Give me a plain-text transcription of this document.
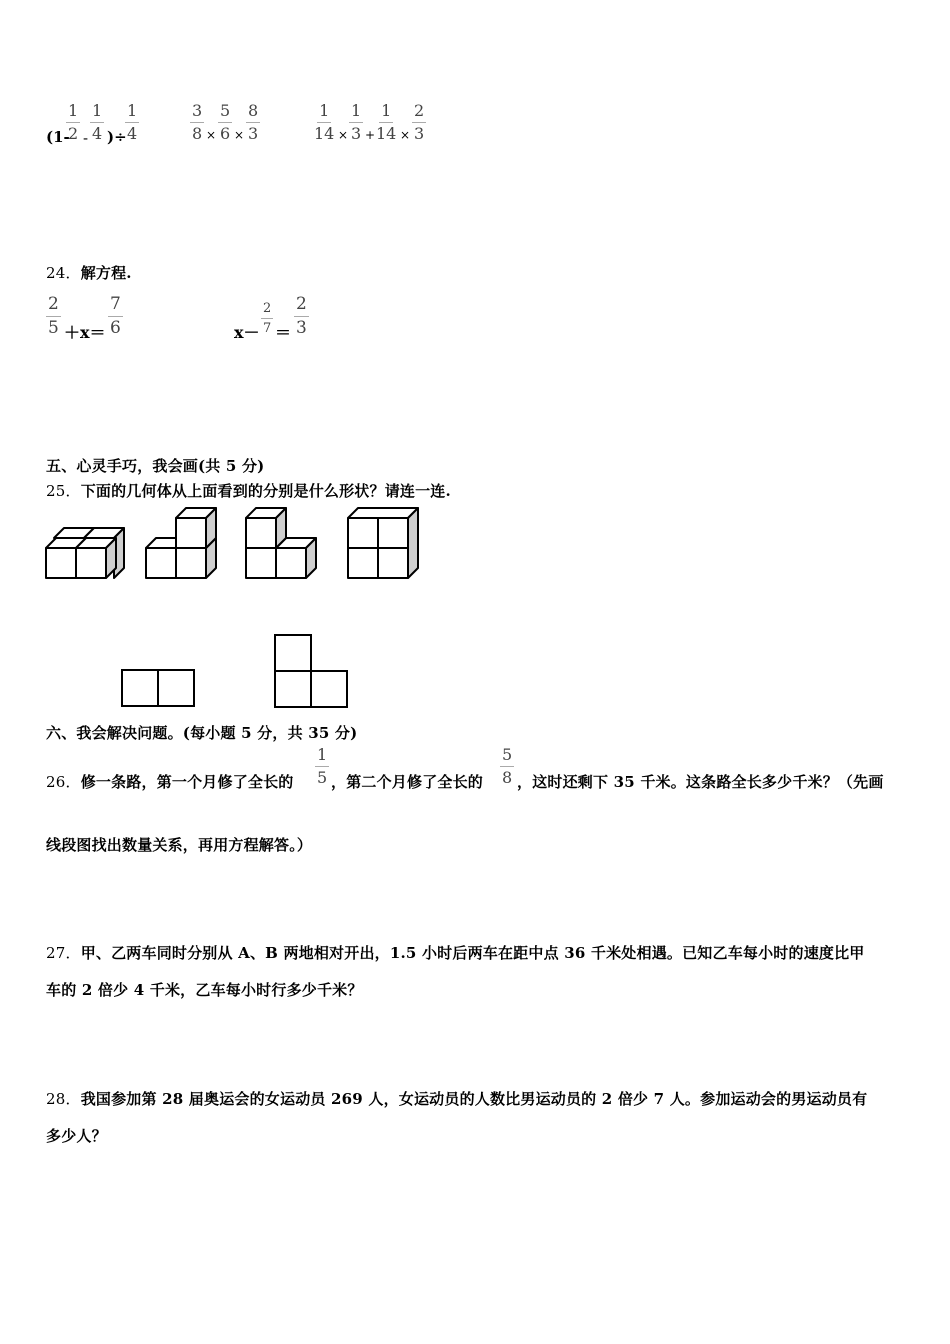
(1-
$\frac{1}{2} - \frac{1}{4}$ )÷
$\frac{1}{4}$	$\frac{3}{8} \times \frac{5}{6} \times \frac{8}{3}$	$\frac{1}{14} \times \frac{1}{3} + \frac{1}{14} \times \frac{2}{3}$
24．解方程.
$\frac{2}{5} +x= \frac{7}{6}$	$x- \frac{2}{7} = \frac{2}{3}$
五、心灵手巧，我会画(共 5 分)
25．下面的几何体从上面看到的分别是什么形状？请连一连.
六、我会解决问题。(每小题 5 分，共 35 分)
26．修一条路，第一个月修了全长的 $\frac{1}{5}$ ，第二个月修了全长的 $\frac{5}{8}$ ，这时还剩下 35 千米。这条路全长多少千米？（先画
线段图找出数量关系，再用方程解答。）
27．甲、乙两车同时分别从 A、B 两地相对开出，1.5 小时后两车在距中点 36 千米处相遇。已知乙车每小时的速度比甲
车的 2 倍少 4 千米，乙车每小时行多少千米？
28．我国参加第 28 届奥运会的女运动员 269 人，女运动员的人数比男运动员的 2 倍少 7 人。参加运动会的男运动员有
多少人？
